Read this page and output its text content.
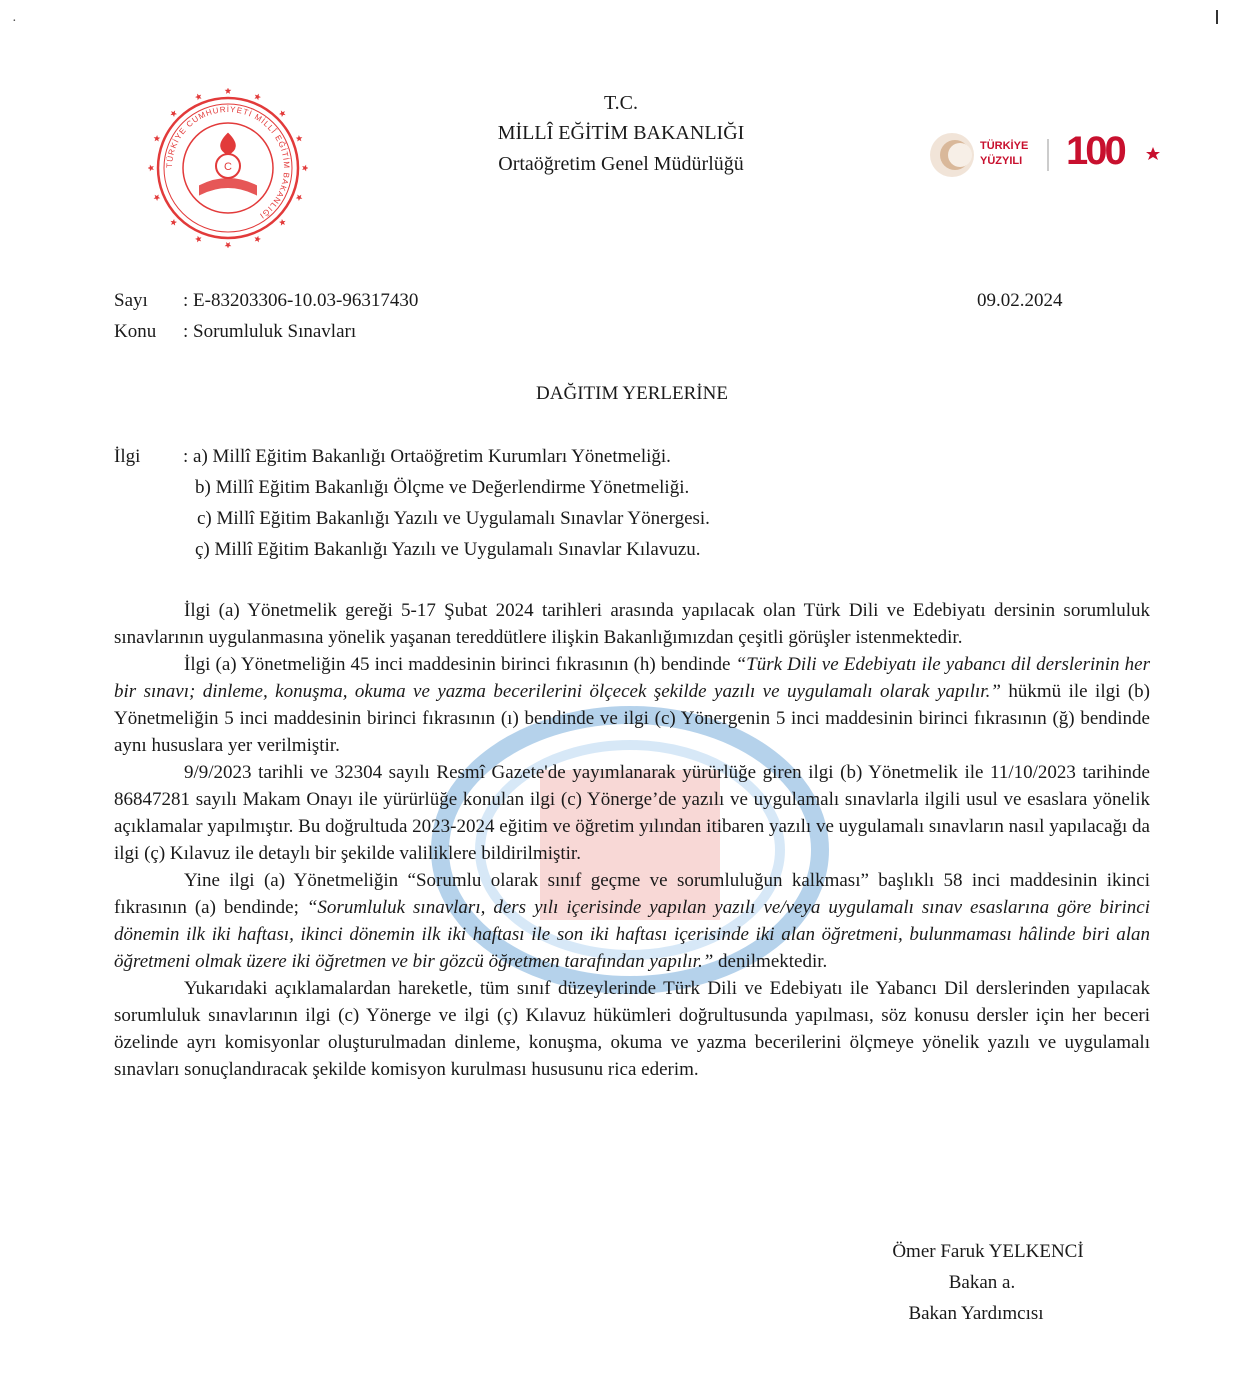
·
TÜRKİYE CUMHURİYETİ MİLLÎ EĞİTİM BAKANLIĞI
C
T.C.
MİLLÎ EĞİTİM BAKANLIĞI
Ortaöğretim Genel Müdürlüğü
TÜRKİYE
YÜZYILI 100
Sayı : E-83203306-10.03-96317430	09.02.2024
Konu : Sorumluluk Sınavları
DAĞITIM YERLERİNE
İlgi : a) Millî Eğitim Bakanlığı Ortaöğretim Kurumları Yönetmeliği.
b) Millî Eğitim Bakanlığı Ölçme ve Değerlendirme Yönetmeliği.
c) Millî Eğitim Bakanlığı Yazılı ve Uygulamalı Sınavlar Yönergesi.
ç) Millî Eğitim Bakanlığı Yazılı ve Uygulamalı Sınavlar Kılavuzu.

İlgi (a) Yönetmelik gereği 5-17 Şubat 2024 tarihleri arasında yapılacak olan Türk Dili ve Edebiyatı dersinin sorumluluk sınavlarının uygulanmasına yönelik yaşanan tereddütlere ilişkin Bakanlığımızdan çeşitli görüşler istenmektedir.

İlgi (a) Yönetmeliğin 45 inci maddesinin birinci fıkrasının (h) bendinde “Türk Dili ve Edebiyatı ile yabancı dil derslerinin her bir sınavı; dinleme, konuşma, okuma ve yazma becerilerini ölçecek şekilde yazılı ve uygulamalı olarak yapılır.” hükmü ile ilgi (b) Yönetmeliğin 5 inci maddesinin birinci fıkrasının (ı) bendinde ve ilgi (c) Yönergenin 5 inci maddesinin birinci fıkrasının (ğ) bendinde aynı hususlara yer verilmiştir.

9/9/2023 tarihli ve 32304 sayılı Resmî Gazete'de yayımlanarak yürürlüğe giren ilgi (b) Yönetmelik ile 11/10/2023 tarihinde 86847281 sayılı Makam Onayı ile yürürlüğe konulan ilgi (c) Yönerge’de yazılı ve uygulamalı sınavlarla ilgili usul ve esaslara yönelik açıklamalar yapılmıştır. Bu doğrultuda 2023-2024 eğitim ve öğretim yılından itibaren yazılı ve uygulamalı sınavların nasıl yapılacağı da ilgi (ç) Kılavuz ile detaylı bir şekilde valiliklere bildirilmiştir.

Yine ilgi (a) Yönetmeliğin “Sorumlu olarak sınıf geçme ve sorumluluğun kalkması” başlıklı 58 inci maddesinin ikinci fıkrasının (a) bendinde; “Sorumluluk sınavları, ders yılı içerisinde yapılan yazılı ve/veya uygulamalı sınav esaslarına göre birinci dönemin ilk iki haftası, ikinci dönemin ilk iki haftası ile son iki haftası içerisinde iki alan öğretmeni, bulunmaması hâlinde biri alan öğretmeni olmak üzere iki öğretmen ve bir gözcü öğretmen tarafından yapılır.” denilmektedir.

Yukarıdaki açıklamalardan hareketle, tüm sınıf düzeylerinde Türk Dili ve Edebiyatı ile Yabancı Dil derslerinden yapılacak sorumluluk sınavlarının ilgi (c) Yönerge ve ilgi (ç) Kılavuz hükümleri doğrultusunda yapılması, söz konusu dersler için her beceri özelinde ayrı komisyonlar oluşturulmadan dinleme, konuşma, okuma ve yazma becerilerini ölçmeye yönelik yazılı ve uygulamalı sınavları sonuçlandıracak şekilde komisyon kurulması hususunu rica ederim.

Ömer Faruk YELKENCİ
Bakan a.
Bakan Yardımcısı
